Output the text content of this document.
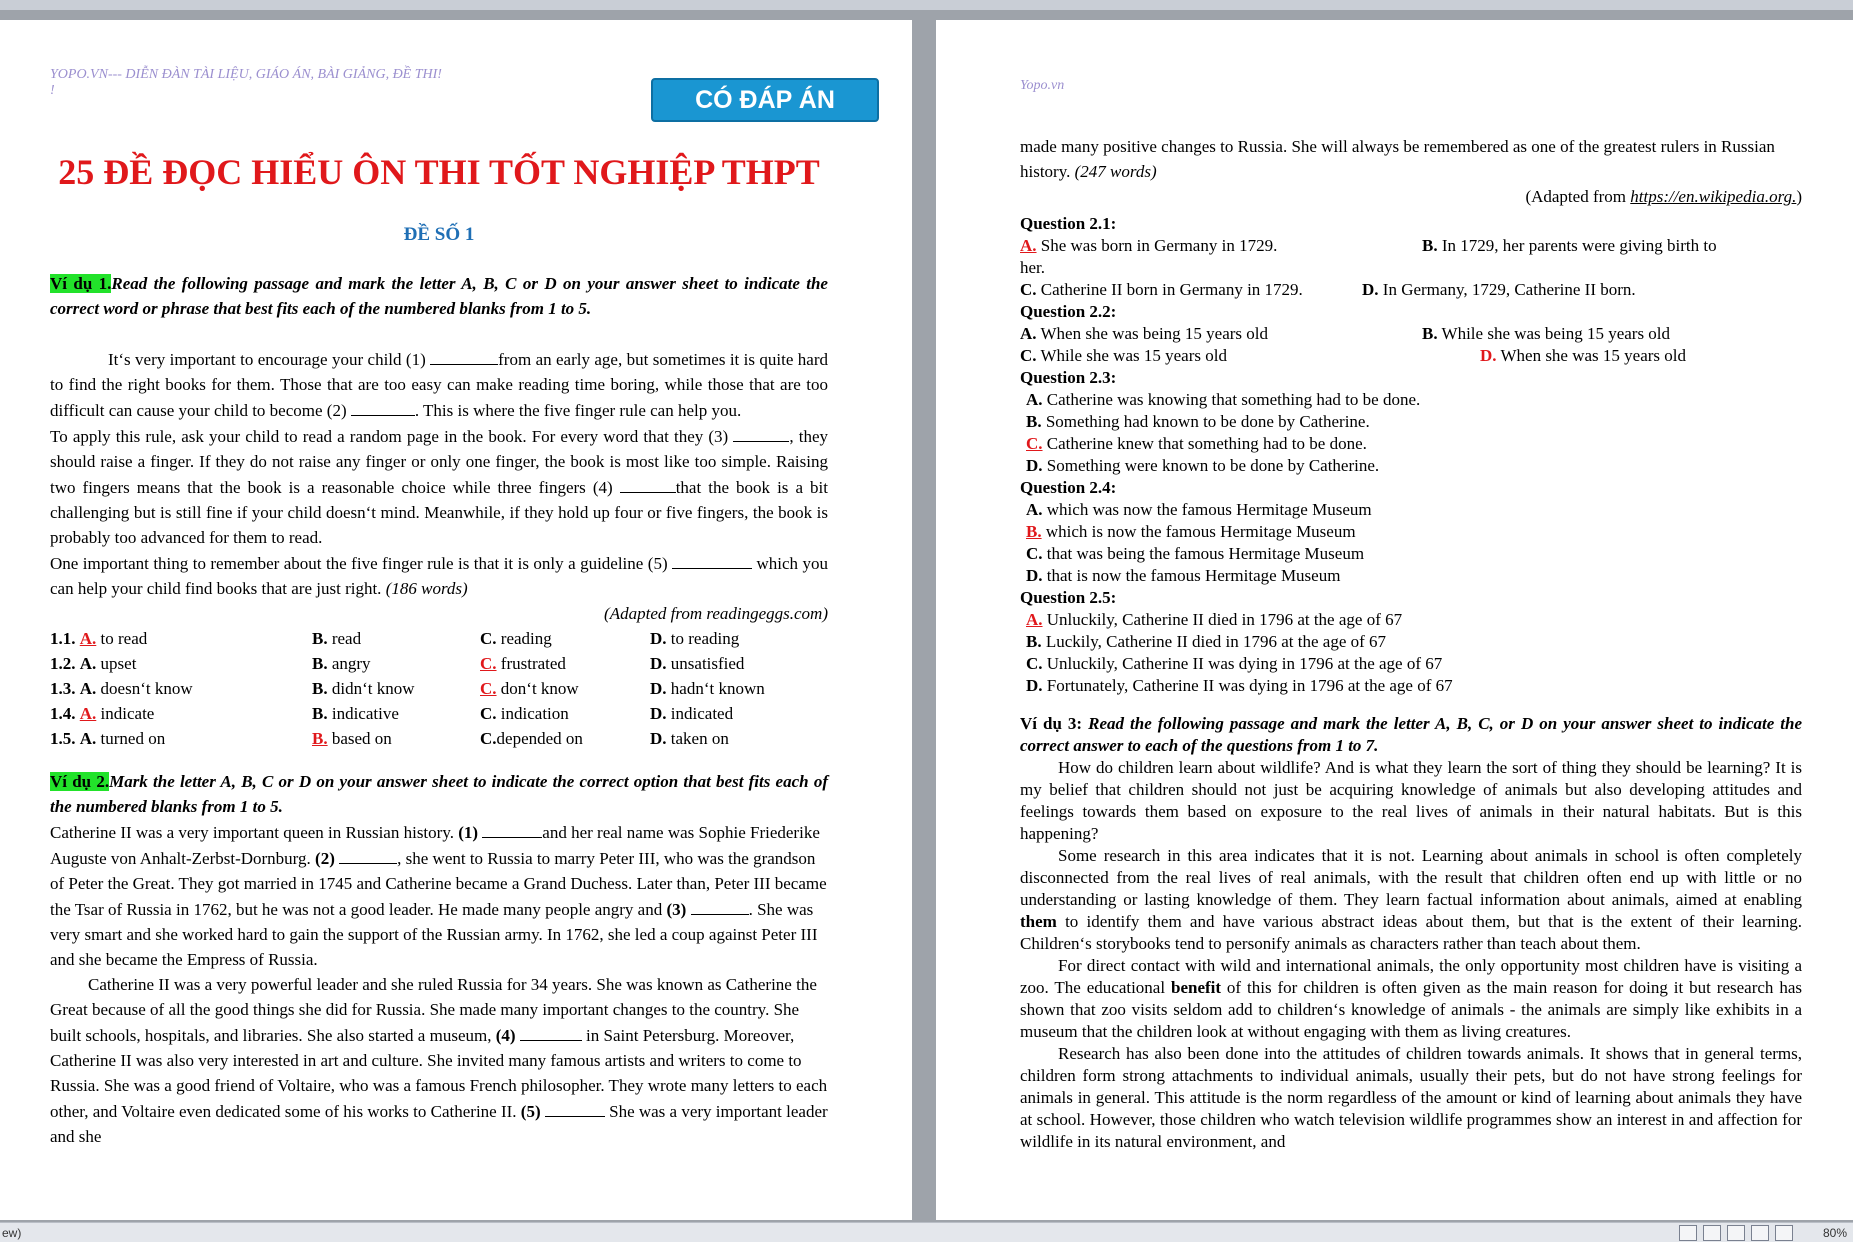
YOPO.VN--- DIỄN ĐÀN TÀI LIỆU, GIÁO ÁN, BÀI GIẢNG, ĐỀ THI!
!	CÓ ĐÁP ÁN
25 ĐỀ ĐỌC HIỂU ÔN THI TỐT NGHIỆP THPT
ĐỀ SỐ 1

Ví dụ 1.Read the following passage and mark the letter A, B, C or D on your answer sheet to indicate the correct word or phrase that best fits each of the numbered blanks from 1 to 5.

It‘s very important to encourage your child (1)	from an early age, but sometimes it is quite hard to find the right books for them. Those that are too easy can make reading time boring, while those that are too difficult can cause your child to become (2)	. This is where the five finger rule can help you.

To apply this rule, ask your child to read a random page in the book. For every word that they (3)	, they should raise a finger. If they do not raise any finger or only one finger, the book is most like too simple. Raising two fingers means that the book is a reasonable choice while three fingers (4)	that the book is a bit challenging but is still fine if your child doesn‘t mind. Meanwhile, if they hold up four or five fingers, the book is probably too advanced for them to read.

One important thing to remember about the five finger rule is that it is only a guideline (5)	which you can help your child find books that are just right. (186 words)

(Adapted from readingeggs.com)

1.1. A. to read	B. read	C. reading	D. to reading
1.2. A. upset	B. angry	C. frustrated	D. unsatisfied
1.3. A. doesn‘t know	B. didn‘t know	C. don‘t know	D. hadn‘t known
1.4. A. indicate	B. indicative	C. indication	D. indicated
1.5. A. turned on	B. based on	C.depended on	D. taken on

Ví dụ 2.Mark the letter A, B, C or D on your answer sheet to indicate the correct option that best fits each of the numbered blanks from 1 to 5.

Catherine II was a very important queen in Russian history. (1)	and her real name was Sophie Friederike Auguste von Anhalt-Zerbst-Dornburg. (2)	, she went to Russia to marry Peter III, who was the grandson of Peter the Great. They got married in 1745 and Catherine became a Grand Duchess. Later than, Peter III became the Tsar of Russia in 1762, but he was not a good leader. He made many people angry and (3)	. She was very smart and she worked hard to gain the support of the Russian army. In 1762, she led a coup against Peter III and she became the Empress of Russia.

Catherine II was a very powerful leader and she ruled Russia for 34 years. She was known as Catherine the Great because of all the good things she did for Russia. She made many important changes to the country. She built schools, hospitals, and libraries. She also started a museum, (4)	in Saint Petersburg. Moreover, Catherine II was also very interested in art and culture. She invited many famous artists and writers to come to Russia. She was a good friend of Voltaire, who was a famous French philosopher. They wrote many letters to each other, and Voltaire even dedicated some of his works to Catherine II. (5)	She was a very important leader and she

Yopo.vn

made many positive changes to Russia. She will always be remembered as one of the greatest rulers in Russian history. (247 words)

(Adapted from https://en.wikipedia.org.)

Question 2.1:
A. She was born in Germany in 1729.	B. In 1729, her parents were giving birth to
her.
C. Catherine II born in Germany in 1729.	D. In Germany, 1729, Catherine II born.
Question 2.2:
A. When she was being 15 years old	B. While she was being 15 years old
C. While she was 15 years old	D. When she was 15 years old
Question 2.3:
A. Catherine was knowing that something had to be done.
B. Something had known to be done by Catherine.
C. Catherine knew that something had to be done.
D. Something were known to be done by Catherine.
Question 2.4:
A. which was now the famous Hermitage Museum
B. which is now the famous Hermitage Museum
C. that was being the famous Hermitage Museum
D. that is now the famous Hermitage Museum
Question 2.5:
A. Unluckily, Catherine II died in 1796 at the age of 67
B. Luckily, Catherine II died in 1796 at the age of 67
C. Unluckily, Catherine II was dying in 1796 at the age of 67
D. Fortunately, Catherine II was dying in 1796 at the age of 67

Ví dụ 3: Read the following passage and mark the letter A, B, C, or D on your answer sheet to indicate the correct answer to each of the questions from 1 to 7.

How do children learn about wildlife? And is what they learn the sort of thing they should be learning? It is my belief that children should not just be acquiring knowledge of animals but also developing attitudes and feelings towards them based on exposure to the real lives of animals in their natural habitats. But is this happening?

Some research in this area indicates that it is not. Learning about animals in school is often completely disconnected from the real lives of real animals, with the result that children often end up with little or no understanding or lasting knowledge of them. They learn factual information about animals, aimed at enabling them to identify them and have various abstract ideas about them, but that is the extent of their learning. Children‘s storybooks tend to personify animals as characters rather than teach about them.

For direct contact with wild and international animals, the only opportunity most children have is visiting a zoo. The educational benefit of this for children is often given as the main reason for doing it but research has shown that zoo visits seldom add to children‘s knowledge of animals - the animals are simply like exhibits in a museum that the children look at without engaging with them as living creatures.

Research has also been done into the attitudes of children towards animals. It shows that in general terms, children form strong attachments to individual animals, usually their pets, but do not have strong feelings for animals in general. This attitude is the norm regardless of the amount or kind of learning about animals they have at school. However, those children who watch television wildlife programmes show an interest in and affection for wildlife in its natural environment, and

ew)	80%
